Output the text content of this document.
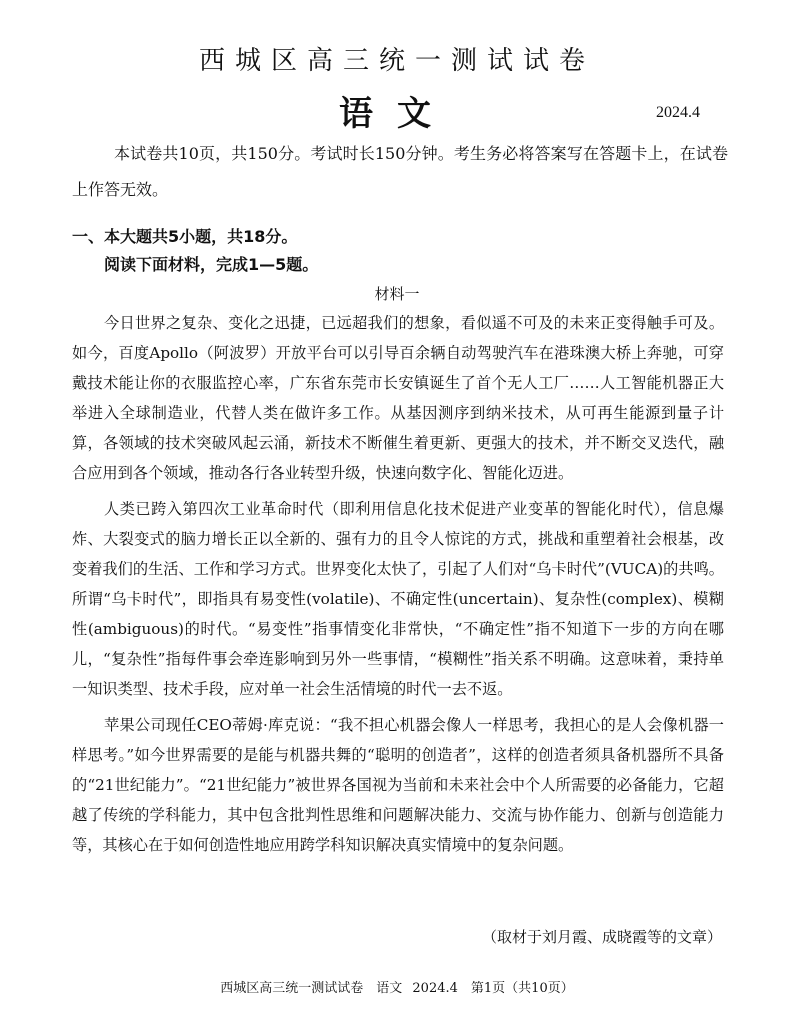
西城区高三统一测试试卷
语文	2024.4
本试卷共10页，共150分。考试时长150分钟。考生务必将答案写在答题卡上，在试卷上作答无效。
一、本大题共5小题，共18分。
阅读下面材料，完成1—5题。
材料一

今日世界之复杂、变化之迅捷，已远超我们的想象，看似遥不可及的未来正变得触手可及。如今，百度Apollo（阿波罗）开放平台可以引导百余辆自动驾驶汽车在港珠澳大桥上奔驰，可穿戴技术能让你的衣服监控心率，广东省东莞市长安镇诞生了首个无人工厂……人工智能机器正大举进入全球制造业，代替人类在做许多工作。从基因测序到纳米技术，从可再生能源到量子计算，各领域的技术突破风起云涌，新技术不断催生着更新、更强大的技术，并不断交叉迭代，融合应用到各个领域，推动各行各业转型升级，快速向数字化、智能化迈进。

人类已跨入第四次工业革命时代（即利用信息化技术促进产业变革的智能化时代），信息爆炸、大裂变式的脑力增长正以全新的、强有力的且令人惊诧的方式，挑战和重塑着社会根基，改变着我们的生活、工作和学习方式。世界变化太快了，引起了人们对“乌卡时代”(VUCA)的共鸣。所谓“乌卡时代”，即指具有易变性(volatile)、不确定性(uncertain)、复杂性(complex)、模糊性(ambiguous)的时代。“易变性”指事情变化非常快，“不确定性”指不知道下一步的方向在哪儿，“复杂性”指每件事会牵连影响到另外一些事情，“模糊性”指关系不明确。这意味着，秉持单一知识类型、技术手段，应对单一社会生活情境的时代一去不返。

苹果公司现任CEO蒂姆·库克说：“我不担心机器会像人一样思考，我担心的是人会像机器一样思考。”如今世界需要的是能与机器共舞的“聪明的创造者”，这样的创造者须具备机器所不具备的“21世纪能力”。“21世纪能力”被世界各国视为当前和未来社会中个人所需要的必备能力，它超越了传统的学科能力，其中包含批判性思维和问题解决能力、交流与协作能力、创新与创造能力等，其核心在于如何创造性地应用跨学科知识解决真实情境中的复杂问题。

（取材于刘月霞、成晓霞等的文章）
西城区高三统一测试试卷　语文 2024.4　第1页（共10页）
